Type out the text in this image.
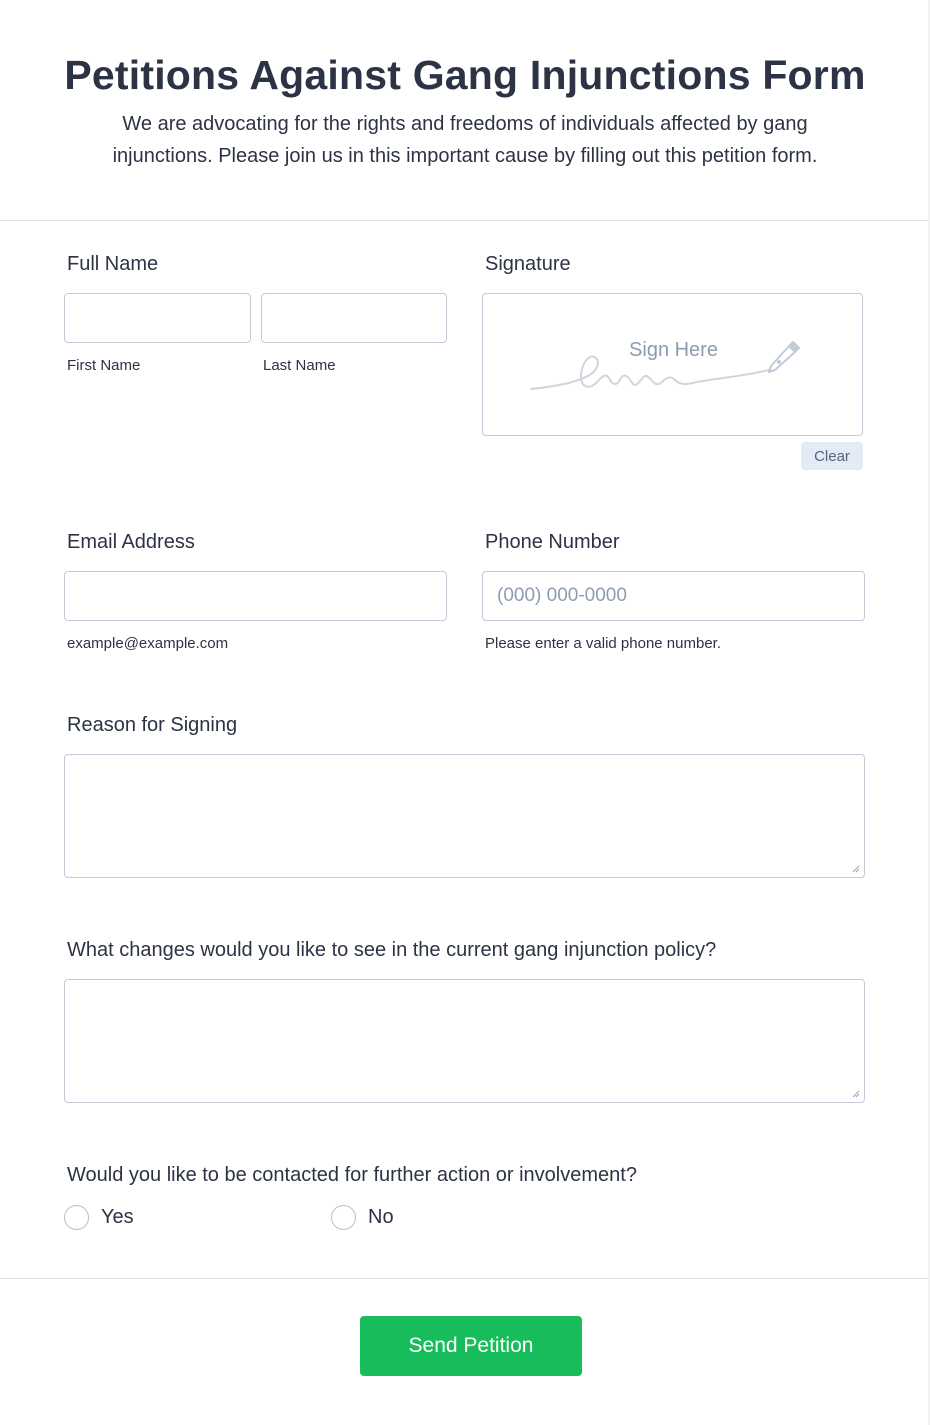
Petitions Against Gang Injunctions Form

We are advocating for the rights and freedoms of individuals affected by gang injunctions. Please join us in this important cause by filling out this petition form.

Full Name
First Name	Last Name
Signature
Sign Here
Clear
Email Address
example@example.com
Phone Number
(000) 000-0000
Please enter a valid phone number.
Reason for Signing
What changes would you like to see in the current gang injunction policy?
Would you like to be contacted for further action or involvement?
Yes	No
Send Petition
